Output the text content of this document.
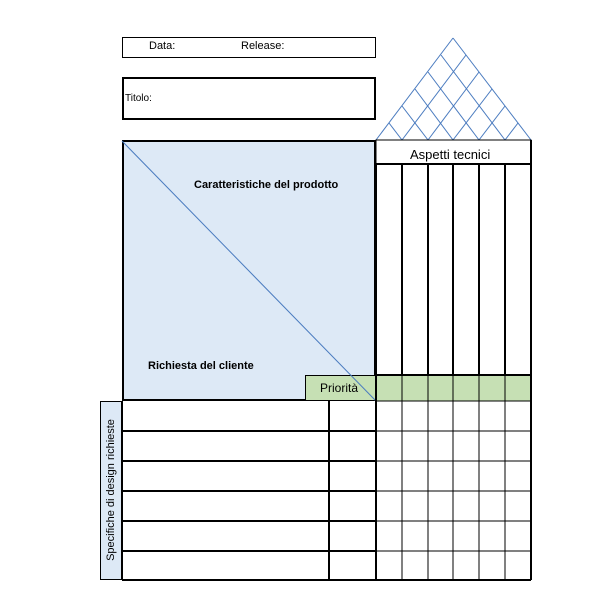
Data:	Release:
Titolo:
Specifiche di design richieste
Caratteristiche del prodotto
Richiesta del cliente
Priorità
Aspetti tecnici
